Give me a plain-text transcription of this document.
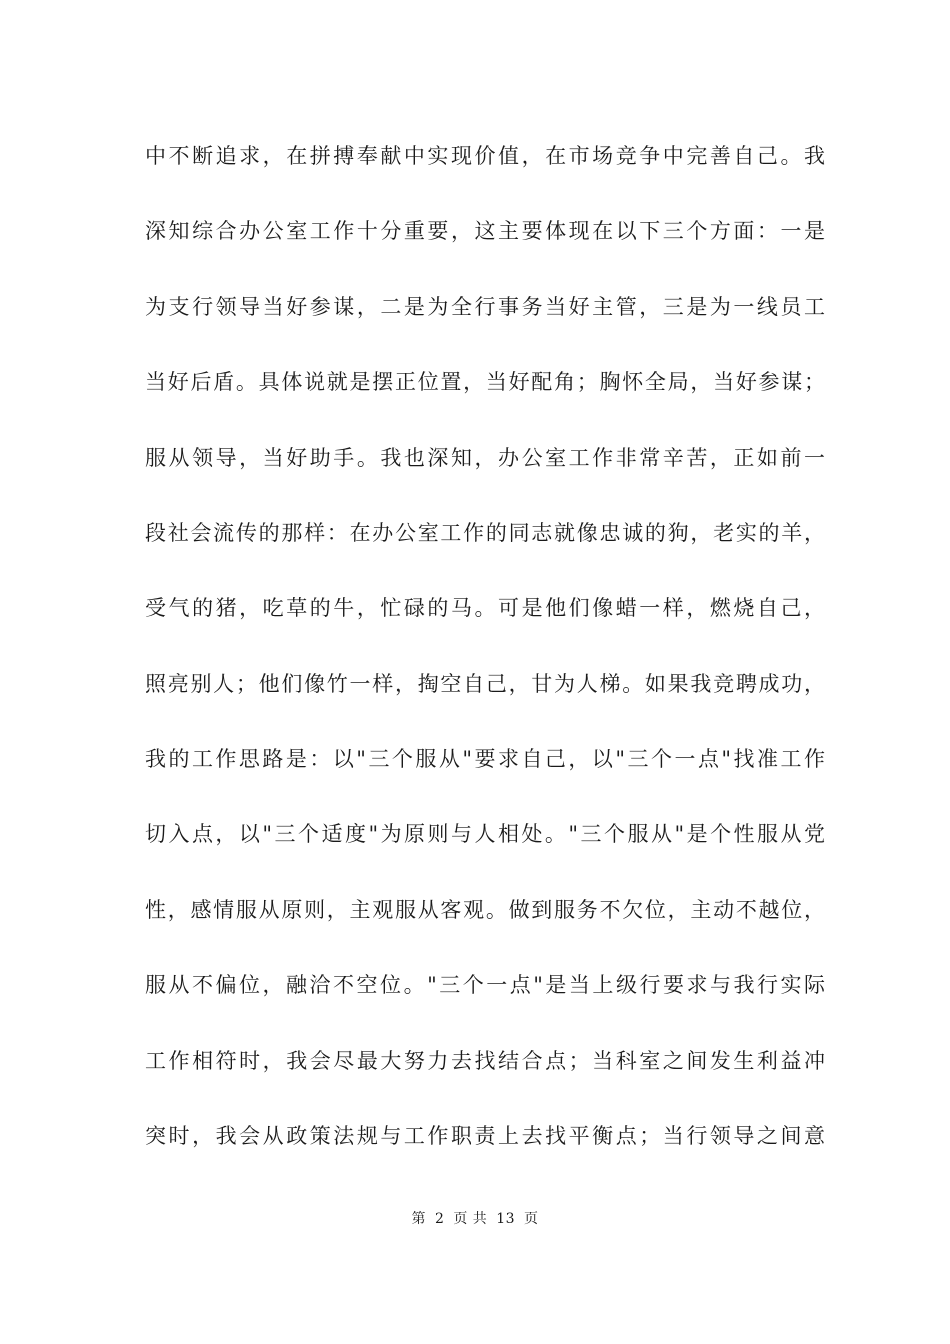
中不断追求，在拼搏奉献中实现价值，在市场竞争中完善自己。我
深知综合办公室工作十分重要，这主要体现在以下三个方面：一是
为支行领导当好参谋，二是为全行事务当好主管，三是为一线员工
当好后盾。具体说就是摆正位置，当好配角；胸怀全局，当好参谋；
服从领导，当好助手。我也深知，办公室工作非常辛苦，正如前一
段社会流传的那样：在办公室工作的同志就像忠诚的狗，老实的羊，
受气的猪，吃草的牛，忙碌的马。可是他们像蜡一样，燃烧自己，
照亮别人；他们像竹一样，掏空自己，甘为人梯。如果我竞聘成功，
我的工作思路是：以"三个服从"要求自己，以"三个一点"找准工作
切入点，以"三个适度"为原则与人相处。"三个服从"是个性服从党
性，感情服从原则，主观服从客观。做到服务不欠位，主动不越位，
服从不偏位，融洽不空位。"三个一点"是当上级行要求与我行实际
工作相符时，我会尽最大努力去找结合点；当科室之间发生利益冲
突时，我会从政策法规与工作职责上去找平衡点；当行领导之间意
第 2 页 共 13 页
